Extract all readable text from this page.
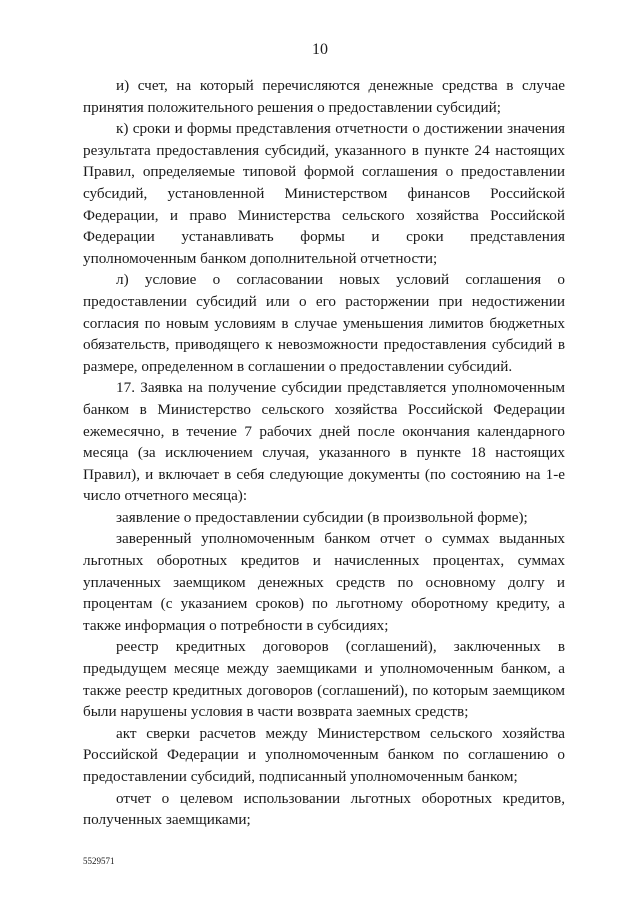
10

и) счет, на который перечисляются денежные средства в случае принятия положительного решения о предоставлении субсидий;

к) сроки и формы представления отчетности о достижении значения результата предоставления субсидий, указанного в пункте 24 настоящих Правил, определяемые типовой формой соглашения о предоставлении субсидий, установленной Министерством финансов Российской Федерации, и право Министерства сельского хозяйства Российской Федерации устанавливать формы и сроки представления уполномоченным банком дополнительной отчетности;

л) условие о согласовании новых условий соглашения о предоставлении субсидий или о его расторжении при недостижении согласия по новым условиям в случае уменьшения лимитов бюджетных обязательств, приводящего к невозможности предоставления субсидий в размере, определенном в соглашении о предоставлении субсидий.

17. Заявка на получение субсидии представляется уполномоченным банком в Министерство сельского хозяйства Российской Федерации ежемесячно, в течение 7 рабочих дней после окончания календарного месяца (за исключением случая, указанного в пункте 18 настоящих Правил), и включает в себя следующие документы (по состоянию на 1-е число отчетного месяца):

заявление о предоставлении субсидии (в произвольной форме);

заверенный уполномоченным банком отчет о суммах выданных льготных оборотных кредитов и начисленных процентах, суммах уплаченных заемщиком денежных средств по основному долгу и процентам (с указанием сроков) по льготному оборотному кредиту, а также информация о потребности в субсидиях;

реестр кредитных договоров (соглашений), заключенных в предыдущем месяце между заемщиками и уполномоченным банком, а также реестр кредитных договоров (соглашений), по которым заемщиком были нарушены условия в части возврата заемных средств;

акт сверки расчетов между Министерством сельского хозяйства Российской Федерации и уполномоченным банком по соглашению о предоставлении субсидий, подписанный уполномоченным банком;

отчет о целевом использовании льготных оборотных кредитов, полученных заемщиками;

5529571
